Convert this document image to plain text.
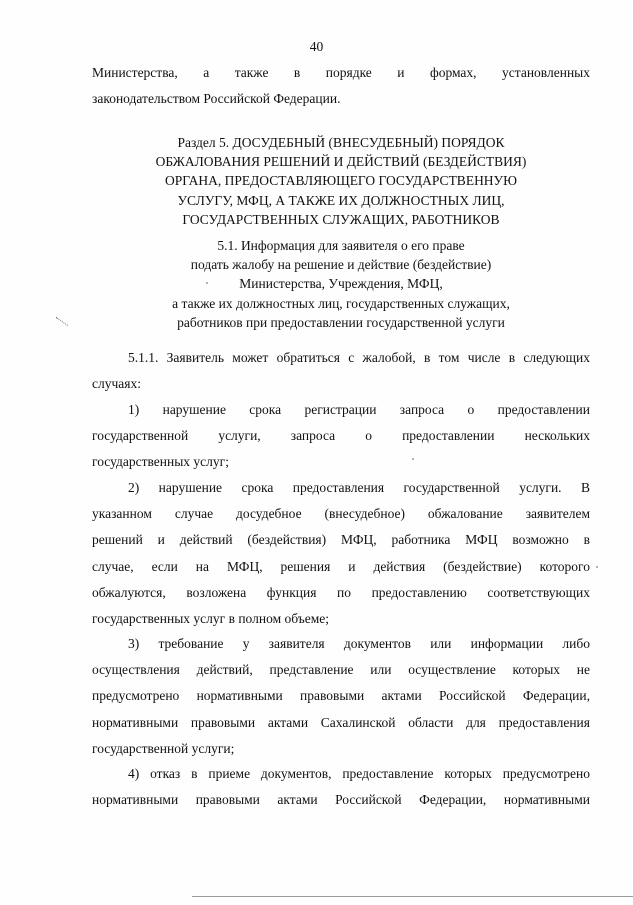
40
Министерства, а также в порядке и формах, установленных
законодательством Российской Федерации.
Раздел 5. ДОСУДЕБНЫЙ (ВНЕСУДЕБНЫЙ) ПОРЯДОК
ОБЖАЛОВАНИЯ РЕШЕНИЙ И ДЕЙСТВИЙ (БЕЗДЕЙСТВИЯ)
ОРГАНА, ПРЕДОСТАВЛЯЮЩЕГО ГОСУДАРСТВЕННУЮ
УСЛУГУ, МФЦ, А ТАКЖЕ ИХ ДОЛЖНОСТНЫХ ЛИЦ,
ГОСУДАРСТВЕННЫХ СЛУЖАЩИХ, РАБОТНИКОВ
5.1. Информация для заявителя о его праве
подать жалобу на решение и действие (бездействие)
Министерства, Учреждения, МФЦ,
а также их должностных лиц, государственных служащих,
работников при предоставлении государственной услуги
5.1.1. Заявитель может обратиться с жалобой, в том числе в следующих
случаях:
1) нарушение срока регистрации запроса о предоставлении
государственной услуги, запроса о предоставлении нескольких
государственных услуг;
2) нарушение срока предоставления государственной услуги. В
указанном случае досудебное (внесудебное) обжалование заявителем
решений и действий (бездействия) МФЦ, работника МФЦ возможно в
случае, если на МФЦ, решения и действия (бездействие) которого
обжалуются, возложена функция по предоставлению соответствующих
государственных услуг в полном объеме;
3) требование у заявителя документов или информации либо
осуществления действий, представление или осуществление которых не
предусмотрено нормативными правовыми актами Российской Федерации,
нормативными правовыми актами Сахалинской области для предоставления
государственной услуги;
4) отказ в приеме документов, предоставление которых предусмотрено
нормативными правовыми актами Российской Федерации, нормативными
